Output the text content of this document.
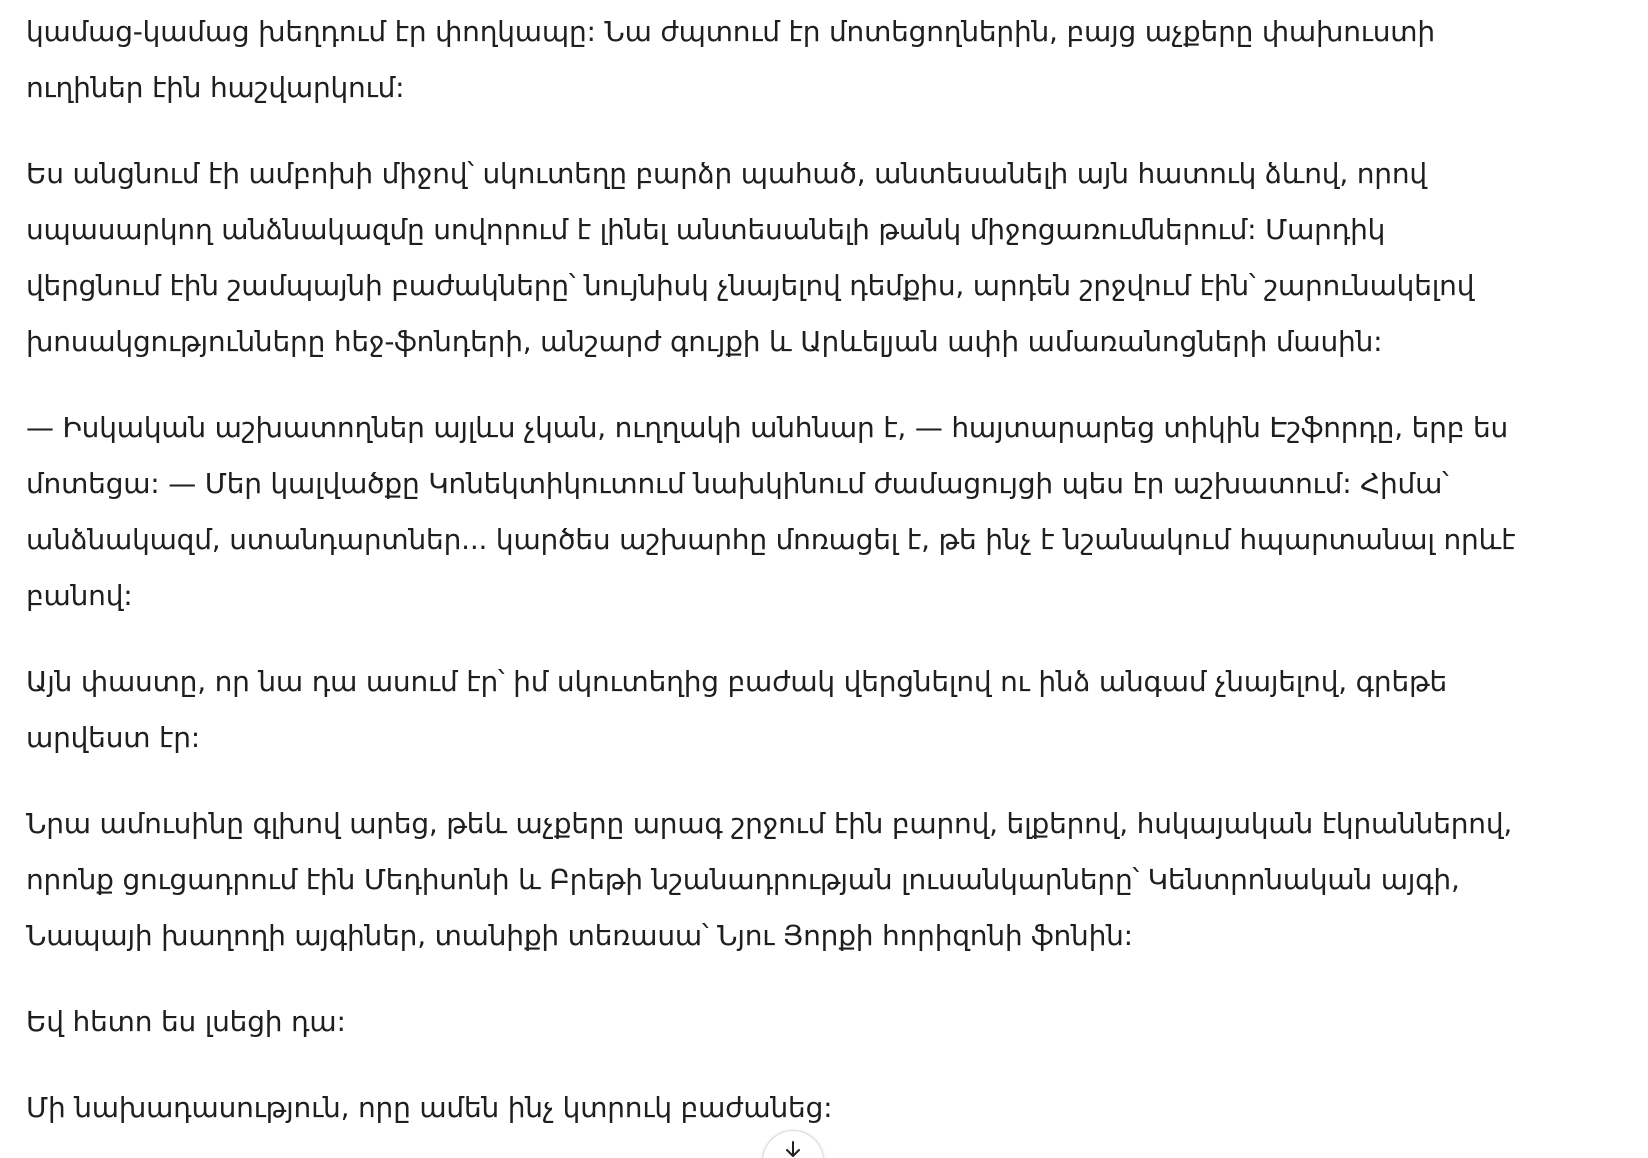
կամաց-կամաց խեղդում էր փողկապը: Նա ժպտում էր մոտեցողներին, բայց աչքերը փախուստի
ուղիներ էին հաշվարկում:

Ես անցնում էի ամբոխի միջով՝ սկուտեղը բարձր պահած, անտեսանելի այն հատուկ ձևով, որով
սպասարկող անձնակազմը սովորում է լինել անտեսանելի թանկ միջոցառումներում: Մարդիկ
վերցնում էին շամպայնի բաժակները՝ նույնիսկ չնայելով դեմքիս, արդեն շրջվում էին՝ շարունակելով
խոսակցությունները հեջ-ֆոնդերի, անշարժ գույքի և Արևելյան ափի ամառանոցների մասին:

— Իսկական աշխատողներ այլևս չկան, ուղղակի անհնար է, — հայտարարեց տիկին Էշֆորդը, երբ ես
մոտեցա: — Մեր կալվածքը Կոնեկտիկուտում նախկինում ժամացույցի պես էր աշխատում: Հիմա՝
անձնակազմ, ստանդարտներ... կարծես աշխարհը մոռացել է, թե ինչ է նշանակում հպարտանալ որևէ
բանով:

Այն փաստը, որ նա դա ասում էր՝ իմ սկուտեղից բաժակ վերցնելով ու ինձ անգամ չնայելով, գրեթե
արվեստ էր:

Նրա ամուսինը գլխով արեց, թեև աչքերը արագ շրջում էին բարով, ելքերով, հսկայական էկրաններով,
որոնք ցուցադրում էին Մեդիսոնի և Բրեթի նշանադրության լուսանկարները՝ Կենտրոնական այգի,
Նապայի խաղողի այգիներ, տանիքի տեռասա՝ Նյու Յորքի հորիզոնի ֆոնին:

Եվ հետո ես լսեցի դա:

Մի նախադասություն, որը ամեն ինչ կտրուկ բաժանեց:
